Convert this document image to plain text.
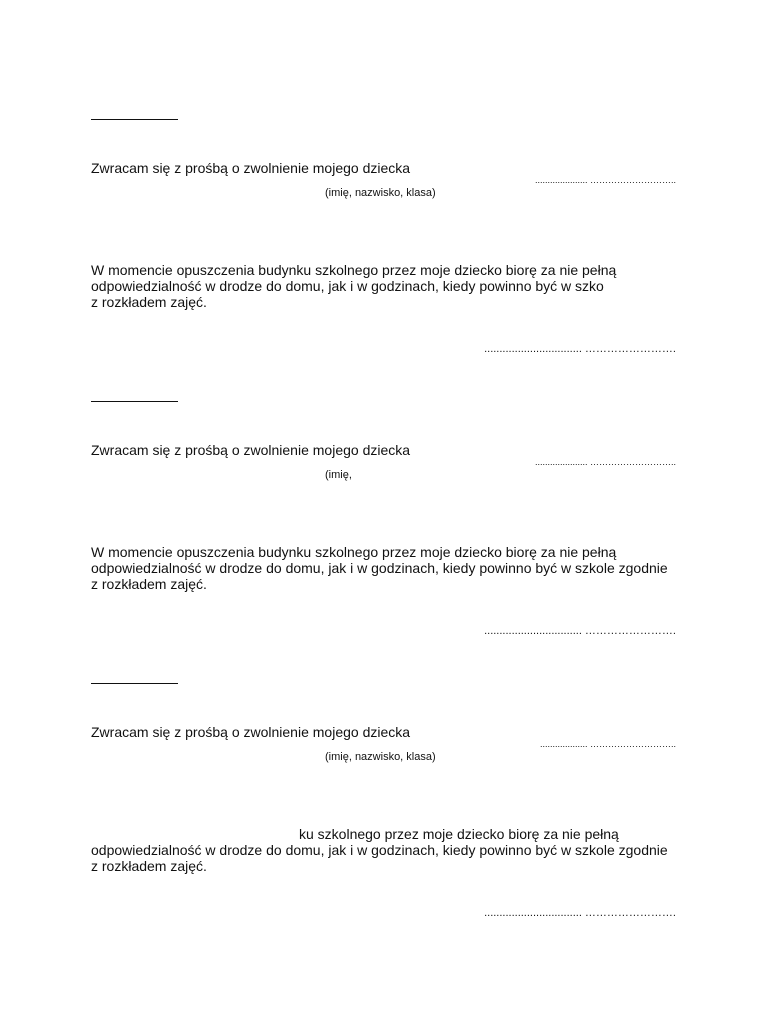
Zwracam się z prośbą o zwolnienie mojego dziecka
..................... ………………………..
(imię, nazwisko, klasa)
W momencie opuszczenia budynku szkolnego przez moje dziecko biorę za nie pełną
odpowiedzialność w drodze do domu, jak i w godzinach, kiedy powinno być w szko
z rozkładem zajęć.
................................ …………………….
Zwracam się z prośbą o zwolnienie mojego dziecka
..................... ………………………..
(imię,
W momencie opuszczenia budynku szkolnego przez moje dziecko biorę za nie pełną
odpowiedzialność w drodze do domu, jak i w godzinach, kiedy powinno być w szkole zgodnie
z rozkładem zajęć.
................................ …………………….
Zwracam się z prośbą o zwolnienie mojego dziecka
................... ………………………..
(imię, nazwisko, klasa)
ku szkolnego przez moje dziecko biorę za nie pełną
odpowiedzialność w drodze do domu, jak i w godzinach, kiedy powinno być w szkole zgodnie
z rozkładem zajęć.
................................ …………………….
